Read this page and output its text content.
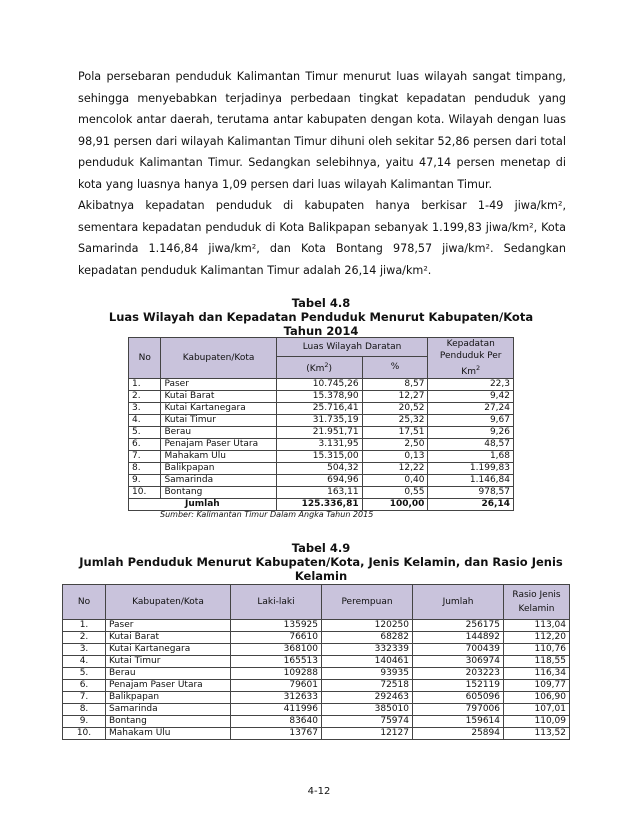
Pola persebaran penduduk Kalimantan Timur menurut luas wilayah sangat timpang, sehingga menyebabkan terjadinya perbedaan tingkat kepadatan penduduk yang mencolok antar daerah, terutama antar kabupaten dengan kota. Wilayah dengan luas 98,91 persen dari wilayah Kalimantan Timur dihuni oleh sekitar 52,86 persen dari total penduduk Kalimantan Timur. Sedangkan selebihnya, yaitu 47,14 persen menetap di kota yang luasnya hanya 1,09 persen dari luas wilayah Kalimantan Timur.

Akibatnya kepadatan penduduk di kabupaten hanya berkisar 1-49 jiwa/km², sementara kepadatan penduduk di Kota Balikpapan sebanyak 1.199,83 jiwa/km², Kota Samarinda 1.146,84 jiwa/km², dan Kota Bontang 978,57 jiwa/km². Sedangkan kepadatan penduduk Kalimantan Timur adalah 26,14 jiwa/km².

Tabel 4.8
Luas Wilayah dan Kepadatan Penduduk Menurut Kabupaten/Kota
Tahun 2014
No	Kabupaten/Kota	Luas Wilayah Daratan		Kepadatan
Penduduk Per
Km$^2$
		(Km$^2$)	%	
1.	Paser	10.745,26	8,57	22,3
2.	Kutai Barat	15.378,90	12,27	9,42
3.	Kutai Kartanegara	25.716,41	20,52	27,24
4.	Kutai Timur	31.735,19	25,32	9,67
5.	Berau	21.951,71	17,51	9,26
6.	Penajam Paser Utara	3.131,95	2,50	48,57
7.	Mahakam Ulu	15.315,00	0,13	1,68
8.	Balikpapan	504,32	12,22	1.199,83
9.	Samarinda	694,96	0,40	1.146,84
10.	Bontang	163,11	0,55	978,57
Jumlah		125.336,81	100,00	26,14
Sumber: Kalimantan Timur Dalam Angka Tahun 2015
Tabel 4.9
Jumlah Penduduk Menurut Kabupaten/Kota, Jenis Kelamin, dan Rasio Jenis Kelamin
No	Kabupaten/Kota	Laki-laki	Perempuan	Jumlah	Rasio Jenis
Kelamin
1.	Paser	135925	120250	256175	113,04
2.	Kutai Barat	76610	68282	144892	112,20
3.	Kutai Kartanegara	368100	332339	700439	110,76
4.	Kutai Timur	165513	140461	306974	118,55
5.	Berau	109288	93935	203223	116,34
6.	Penajam Paser Utara	79601	72518	152119	109,77
7.	Balikpapan	312633	292463	605096	106,90
8.	Samarinda	411996	385010	797006	107,01
9.	Bontang	83640	75974	159614	110,09
10.	Mahakam Ulu	13767	12127	25894	113,52
4-12
